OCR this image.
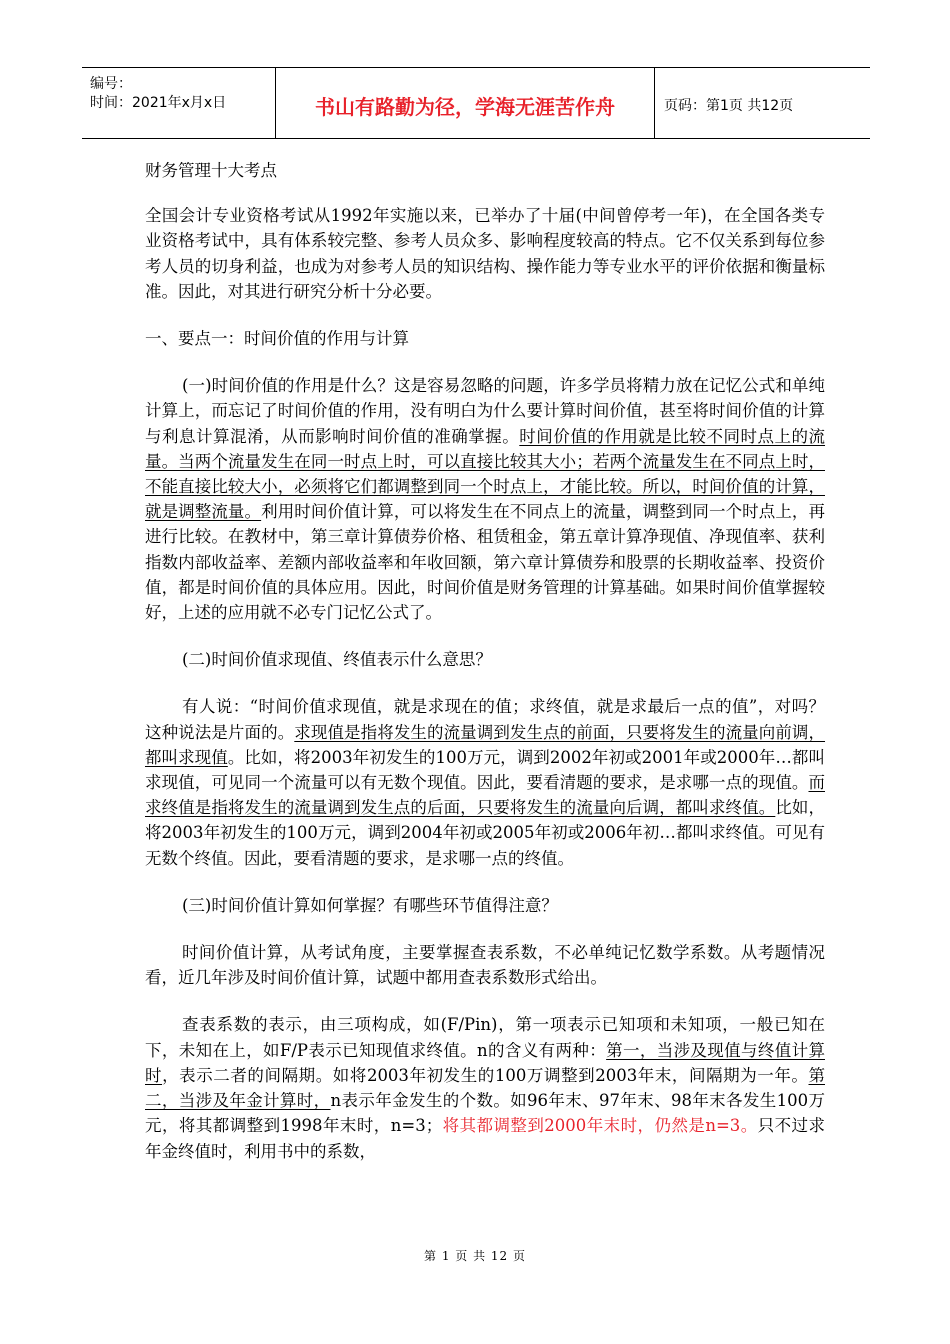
编号：
时间：2021年x月x日	书山有路勤为径，学海无涯苦作舟	页码：第1页 共12页

财务管理十大考点

全国会计专业资格考试从1992年实施以来，已举办了十届(中间曾停考一年)，在全国各类专业资格考试中，具有体系较完整、参考人员众多、影响程度较高的特点。它不仅关系到每位参考人员的切身利益，也成为对参考人员的知识结构、操作能力等专业水平的评价依据和衡量标准。因此，对其进行研究分析十分必要。

一、要点一：时间价值的作用与计算

(一)时间价值的作用是什么？这是容易忽略的问题，许多学员将精力放在记忆公式和单纯计算上，而忘记了时间价值的作用，没有明白为什么要计算时间价值，甚至将时间价值的计算与利息计算混淆，从而影响时间价值的准确掌握。时间价值的作用就是比较不同时点上的流量。当两个流量发生在同一时点上时，可以直接比较其大小；若两个流量发生在不同点上时，不能直接比较大小，必须将它们都调整到同一个时点上，才能比较。所以，时间价值的计算，就是调整流量。利用时间价值计算，可以将发生在不同点上的流量，调整到同一个时点上，再进行比较。在教材中，第三章计算债券价格、租赁租金，第五章计算净现值、净现值率、获利指数内部收益率、差额内部收益率和年收回额，第六章计算债券和股票的长期收益率、投资价值，都是时间价值的具体应用。因此，时间价值是财务管理的计算基础。如果时间价值掌握较好，上述的应用就不必专门记忆公式了。

(二)时间价值求现值、终值表示什么意思？

有人说：“时间价值求现值，就是求现在的值；求终值，就是求最后一点的值”，对吗？这种说法是片面的。求现值是指将发生的流量调到发生点的前面，只要将发生的流量向前调，都叫求现值。比如，将2003年初发生的100万元，调到2002年初或2001年或2000年…都叫求现值，可见同一个流量可以有无数个现值。因此，要看清题的要求，是求哪一点的现值。而求终值是指将发生的流量调到发生点的后面，只要将发生的流量向后调，都叫求终值。比如，将2003年初发生的100万元，调到2004年初或2005年初或2006年初…都叫求终值。可见有无数个终值。因此，要看清题的要求，是求哪一点的终值。

(三)时间价值计算如何掌握？有哪些环节值得注意？

时间价值计算，从考试角度，主要掌握查表系数，不必单纯记忆数学系数。从考题情况看，近几年涉及时间价值计算，试题中都用查表系数形式给出。

查表系数的表示，由三项构成，如(F/Pin)，第一项表示已知项和未知项，一般已知在下，未知在上，如F/P表示已知现值求终值。n的含义有两种：第一，当涉及现值与终值计算时，表示二者的间隔期。如将2003年初发生的100万调整到2003年末，间隔期为一年。第二，当涉及年金计算时，n表示年金发生的个数。如96年末、97年末、98年末各发生100万元，将其都调整到1998年末时，n=3；将其都调整到2000年末时，仍然是n=3。只不过求年金终值时，利用书中的系数，

第 1 页 共 12 页
